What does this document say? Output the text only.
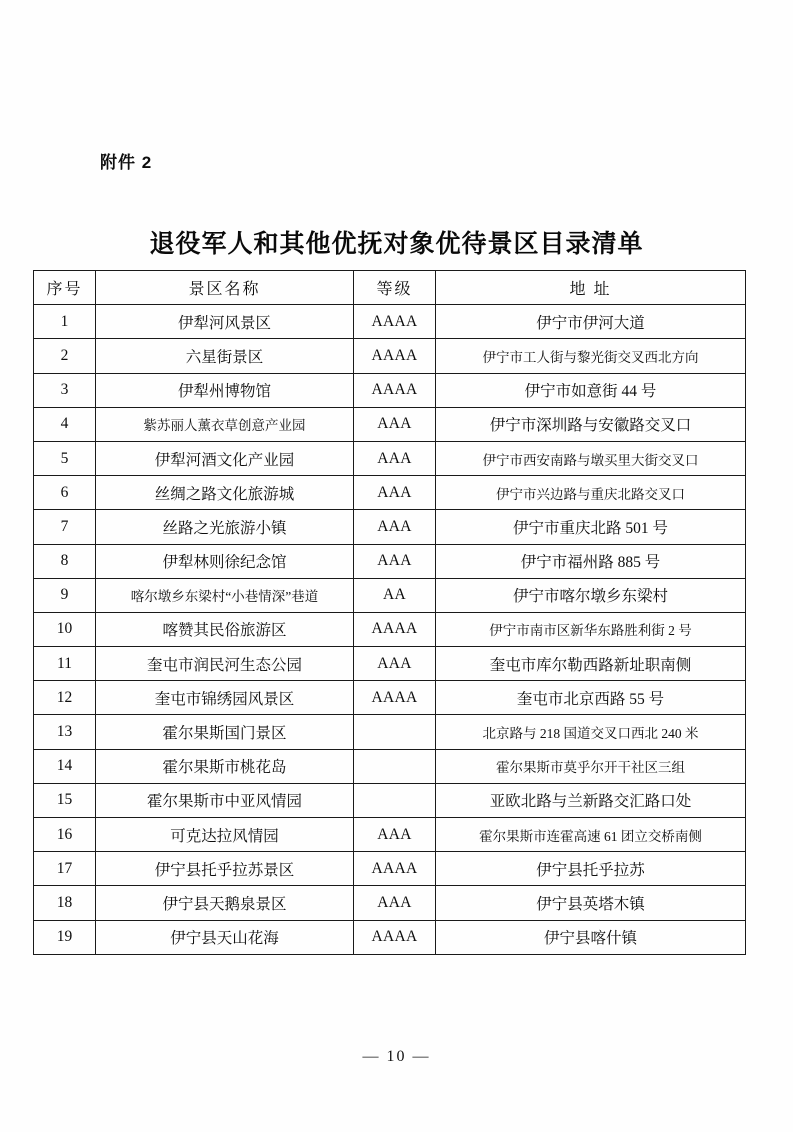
附件 2
退役军人和其他优抚对象优待景区目录清单
序号	景区名称	等级	地 址
1	伊犁河风景区	AAAA	伊宁市伊河大道
2	六星街景区	AAAA	伊宁市工人街与黎光街交叉西北方向
3	伊犁州博物馆	AAAA	伊宁市如意街 44 号
4	紫苏丽人薰衣草创意产业园	AAA	伊宁市深圳路与安徽路交叉口
5	伊犁河酒文化产业园	AAA	伊宁市西安南路与墩买里大街交叉口
6	丝绸之路文化旅游城	AAA	伊宁市兴边路与重庆北路交叉口
7	丝路之光旅游小镇	AAA	伊宁市重庆北路 501 号
8	伊犁林则徐纪念馆	AAA	伊宁市福州路 885 号
9	喀尔墩乡东梁村“小巷情深”巷道	AA	伊宁市喀尔墩乡东梁村
10	喀赞其民俗旅游区	AAAA	伊宁市南市区新华东路胜利街 2 号
11	奎屯市润民河生态公园	AAA	奎屯市库尔勒西路新址职南侧
12	奎屯市锦绣园风景区	AAAA	奎屯市北京西路 55 号
13	霍尔果斯国门景区		北京路与 218 国道交叉口西北 240 米
14	霍尔果斯市桃花岛		霍尔果斯市莫乎尔开干社区三组
15	霍尔果斯市中亚风情园		亚欧北路与兰新路交汇路口处
16	可克达拉风情园	AAA	霍尔果斯市连霍高速 61 团立交桥南侧
17	伊宁县托乎拉苏景区	AAAA	伊宁县托乎拉苏
18	伊宁县天鹅泉景区	AAA	伊宁县英塔木镇
19	伊宁县天山花海	AAAA	伊宁县喀什镇
— 10 —
